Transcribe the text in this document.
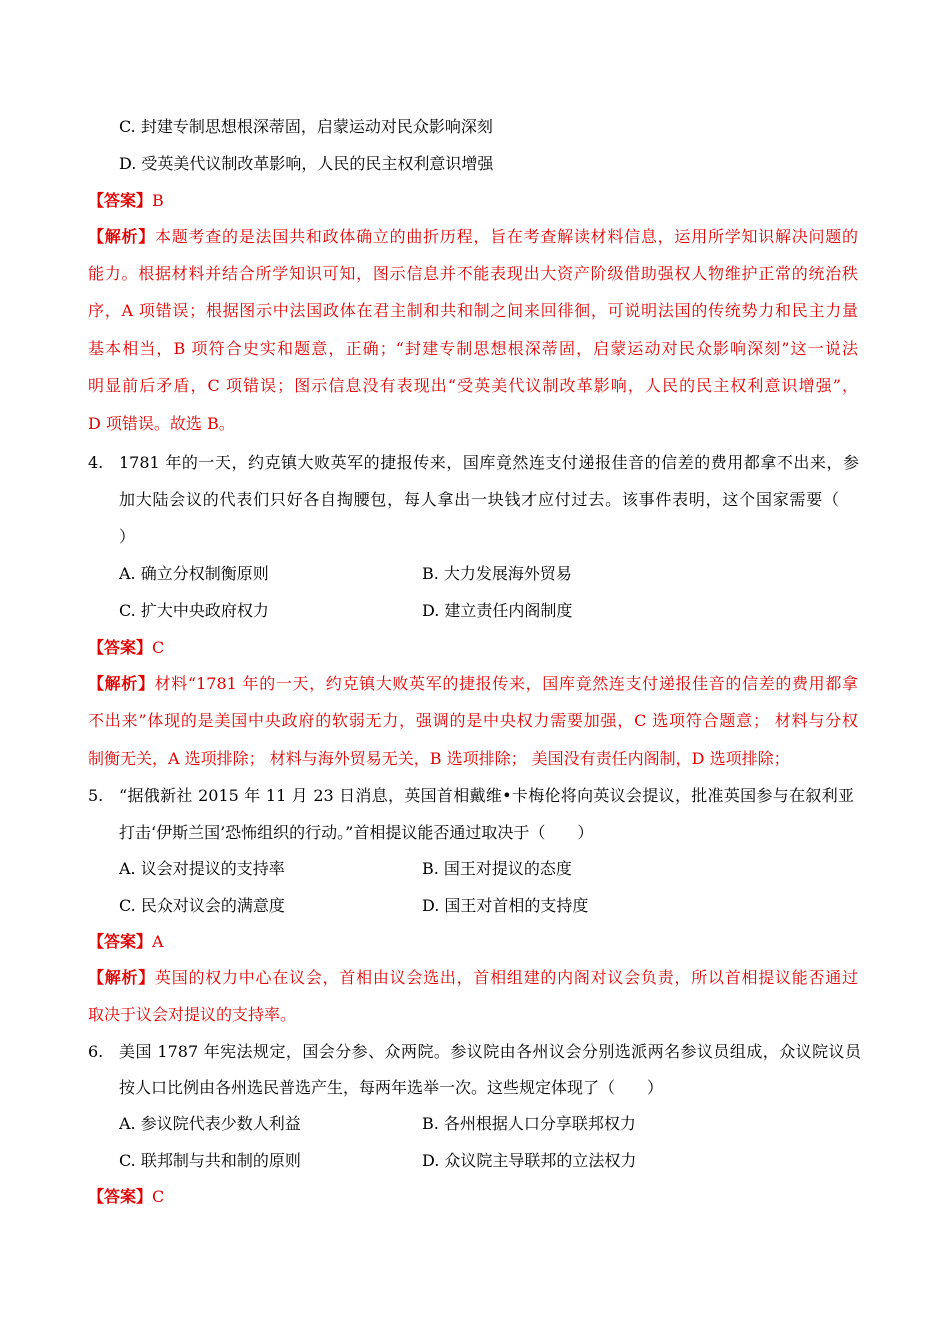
C. 封建专制思想根深蒂固，启蒙运动对民众影响深刻
D. 受英美代议制改革影响，人民的民主权利意识增强
【答案】B
【解析】本题考查的是法国共和政体确立的曲折历程，旨在考查解读材料信息，运用所学知识解决问题的
能力。根据材料并结合所学知识可知，图示信息并不能表现出大资产阶级借助强权人物维护正常的统治秩
序，A 项错误；根据图示中法国政体在君主制和共和制之间来回徘徊，可说明法国的传统势力和民主力量
基本相当，B 项符合史实和题意，正确；“封建专制思想根深蒂固，启蒙运动对民众影响深刻”这一说法
明显前后矛盾，C 项错误；图示信息没有表现出“受英美代议制改革影响，人民的民主权利意识增强”，
D 项错误。故选 B。
4. 1781 年的一天，约克镇大败英军的捷报传来，国库竟然连支付递报佳音的信差的费用都拿不出来，参
加大陆会议的代表们只好各自掏腰包，每人拿出一块钱才应付过去。该事件表明，这个国家需要（
）
A. 确立分权制衡原则	B. 大力发展海外贸易
C. 扩大中央政府权力	D. 建立责任内阁制度
【答案】C
【解析】材料“1781 年的一天，约克镇大败英军的捷报传来，国库竟然连支付递报佳音的信差的费用都拿
不出来”体现的是美国中央政府的软弱无力，强调的是中央权力需要加强，C 选项符合题意； 材料与分权
制衡无关，A 选项排除； 材料与海外贸易无关，B 选项排除； 美国没有责任内阁制，D 选项排除；
5. “据俄新社 2015 年 11 月 23 日消息，英国首相戴维•卡梅伦将向英议会提议，批准英国参与在叙利亚
打击‘伊斯兰国’恐怖组织的行动。”首相提议能否通过取决于（　　）
A. 议会对提议的支持率	B. 国王对提议的态度
C. 民众对议会的满意度	D. 国王对首相的支持度
【答案】A
【解析】英国的权力中心在议会，首相由议会选出，首相组建的内阁对议会负责，所以首相提议能否通过
取决于议会对提议的支持率。
6. 美国 1787 年宪法规定，国会分参、众两院。参议院由各州议会分别选派两名参议员组成，众议院议员
按人口比例由各州选民普选产生，每两年选举一次。这些规定体现了（　　）
A. 参议院代表少数人利益	B. 各州根据人口分享联邦权力
C. 联邦制与共和制的原则	D. 众议院主导联邦的立法权力
【答案】C
